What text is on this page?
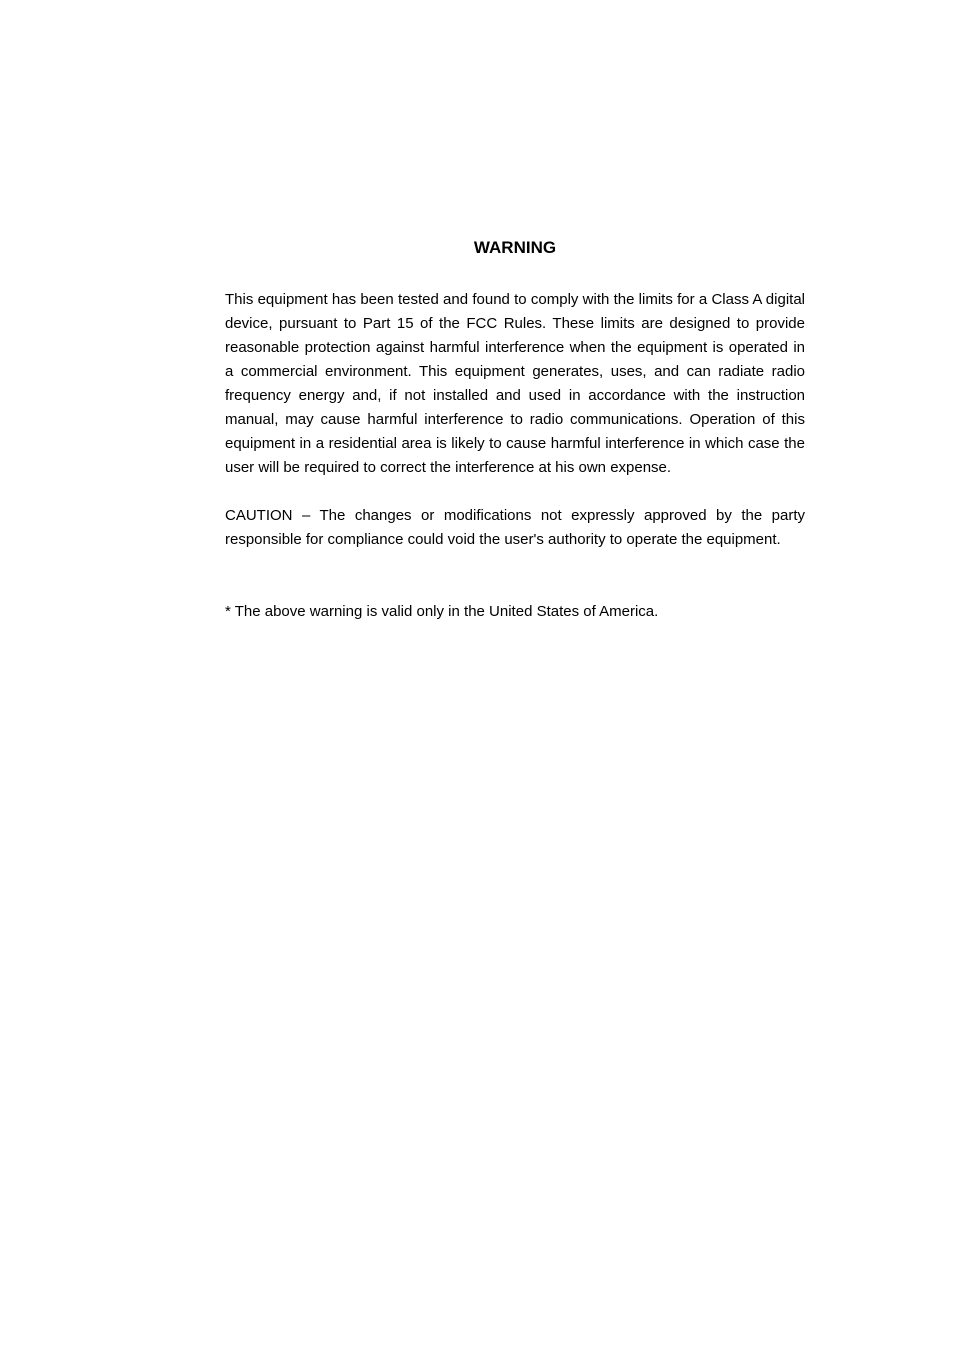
WARNING

This equipment has been tested and found to comply with the limits for a Class A digital device, pursuant to Part 15 of the FCC Rules. These limits are designed to provide reasonable protection against harmful interference when the equipment is operated in a commercial environment. This equipment generates, uses, and can radiate radio frequency energy and, if not installed and used in accordance with the instruction manual, may cause harmful interference to radio communications. Operation of this equipment in a residential area is likely to cause harmful interference in which case the user will be required to correct the interference at his own expense.

CAUTION – The changes or modifications not expressly approved by the party responsible for compliance could void the user's authority to operate the equipment.

* The above warning is valid only in the United States of America.
